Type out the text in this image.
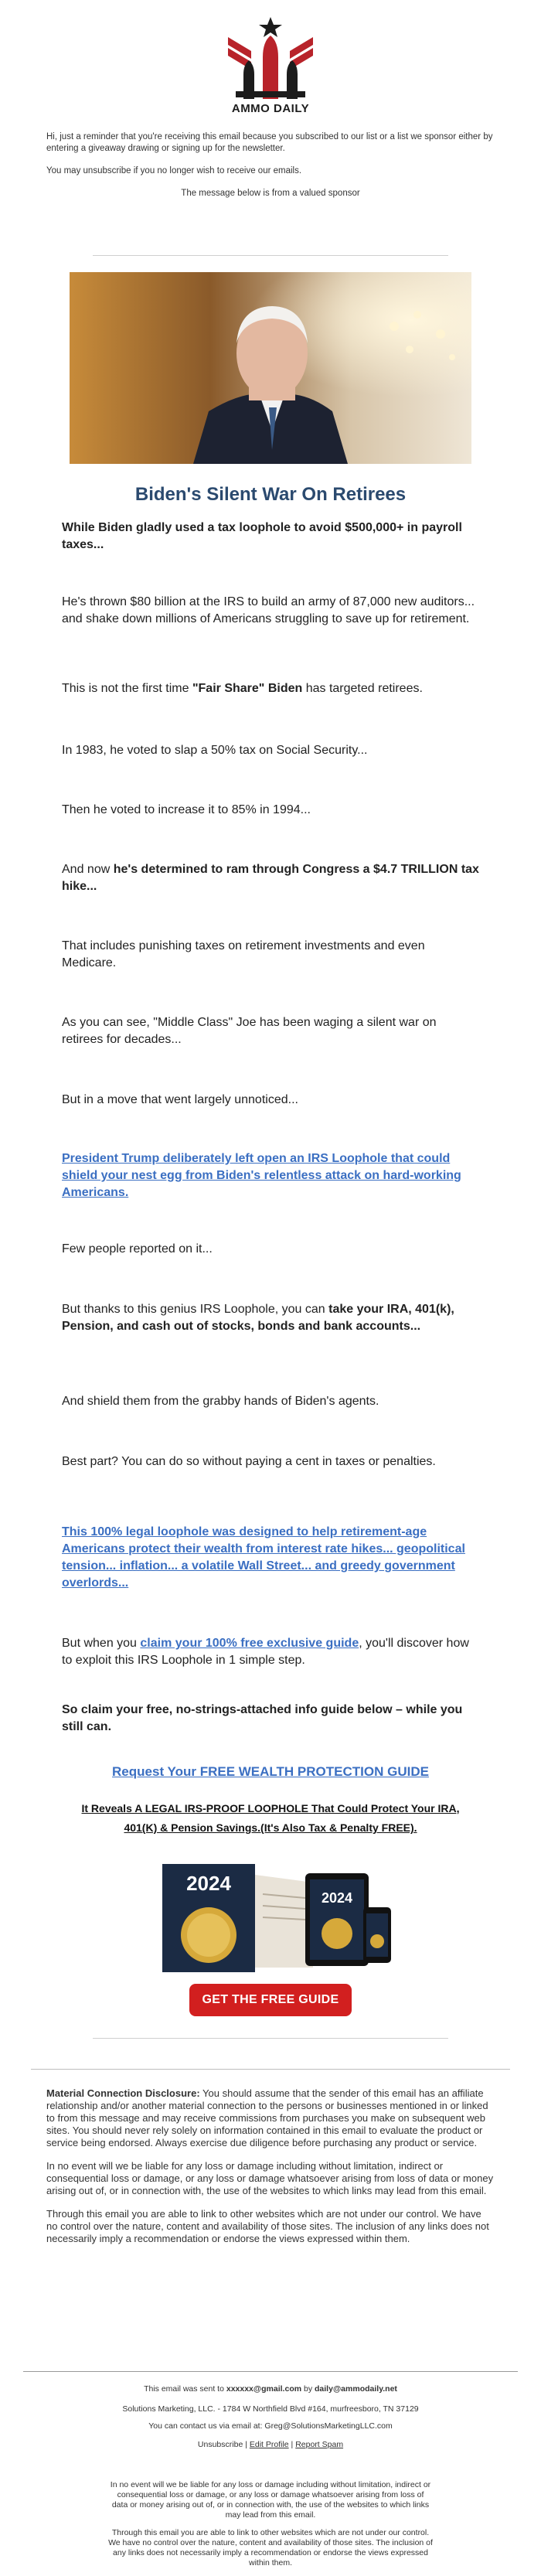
AMMO DAILY

Hi, just a reminder that you're receiving this email because you subscribed to our list or a list we sponsor either by entering a giveaway drawing or signing up for the newsletter.

You may unsubscribe if you no longer wish to receive our emails.

The message below is from a valued sponsor

Biden's Silent War On Retirees

While Biden gladly used a tax loophole to avoid $500,000+ in payroll taxes...

He's thrown $80 billion at the IRS to build an army of 87,000 new auditors... and shake down millions of Americans struggling to save up for retirement.

This is not the first time "Fair Share" Biden has targeted retirees.

In 1983, he voted to slap a 50% tax on Social Security...

Then he voted to increase it to 85% in 1994...

And now he's determined to ram through Congress a $4.7 TRILLION tax hike...

That includes punishing taxes on retirement investments and even Medicare.

As you can see, "Middle Class" Joe has been waging a silent war on retirees for decades...

But in a move that went largely unnoticed...

President Trump deliberately left open an IRS Loophole that could shield your nest egg from Biden's relentless attack on hard-working Americans.

Few people reported on it...

But thanks to this genius IRS Loophole, you can take your IRA, 401(k), Pension, and cash out of stocks, bonds and bank accounts...

And shield them from the grabby hands of Biden's agents.

Best part? You can do so without paying a cent in taxes or penalties.

This 100% legal loophole was designed to help retirement-age Americans protect their wealth from interest rate hikes... geopolitical tension... inflation... a volatile Wall Street... and greedy government overlords...

But when you claim your 100% free exclusive guide, you'll discover how to exploit this IRS Loophole in 1 simple step.

So claim your free, no-strings-attached info guide below – while you still can.

Request Your FREE WEALTH PROTECTION GUIDE
It Reveals A LEGAL IRS-PROOF LOOPHOLE That Could Protect Your IRA, 401(K) & Pension Savings.(It's Also Tax & Penalty FREE).
2024
2024
GET THE FREE GUIDE

Material Connection Disclosure: You should assume that the sender of this email has an affiliate relationship and/or another material connection to the persons or businesses mentioned in or linked to from this message and may receive commissions from purchases you make on subsequent web sites. You should never rely solely on information contained in this email to evaluate the product or service being endorsed. Always exercise due diligence before purchasing any product or service.

In no event will we be liable for any loss or damage including without limitation, indirect or consequential loss or damage, or any loss or damage whatsoever arising from loss of data or money arising out of, or in connection with, the use of the websites to which links may lead from this email.

Through this email you are able to link to other websites which are not under our control. We have no control over the nature, content and availability of those sites. The inclusion of any links does not necessarily imply a recommendation or endorse the views expressed within them.

This email was sent to xxxxxx@gmail.com by daily@ammodaily.net
Solutions Marketing, LLC. - 1784 W Northfield Blvd #164, murfreesboro, TN 37129
You can contact us via email at: Greg@SolutionsMarketingLLC.com
Unsubscribe | Edit Profile | Report Spam

In no event will we be liable for any loss or damage including without limitation, indirect or consequential loss or damage, or any loss or damage whatsoever arising from loss of data or money arising out of, or in connection with, the use of the websites to which links may lead from this email.

Through this email you are able to link to other websites which are not under our control. We have no control over the nature, content and availability of those sites. The inclusion of any links does not necessarily imply a recommendation or endorse the views expressed within them.
